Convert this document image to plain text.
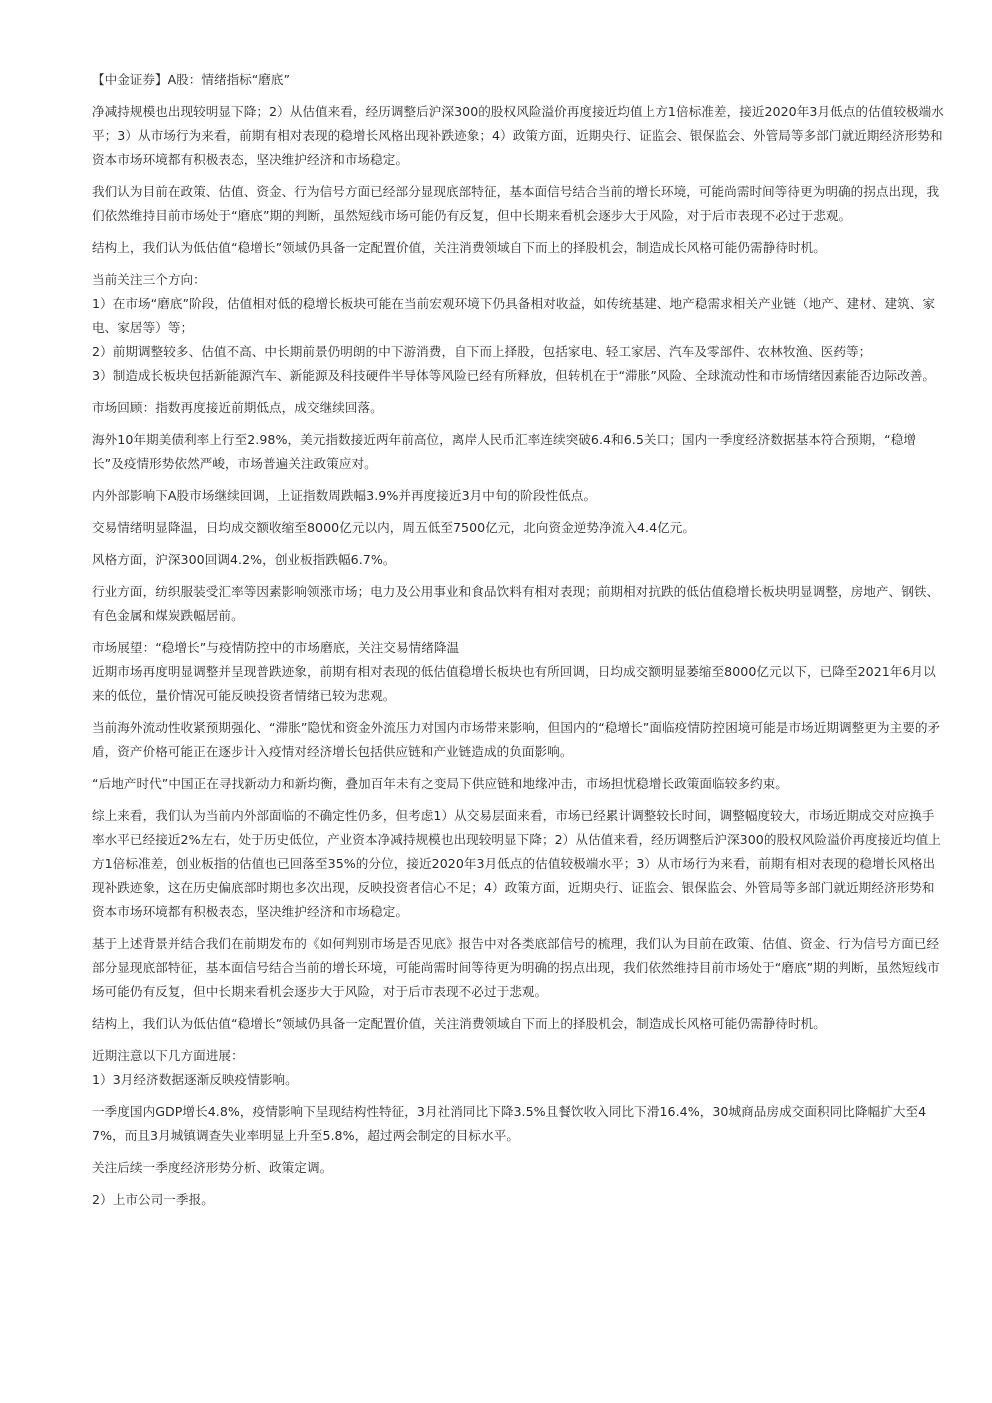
【中金证券】A股：情绪指标“磨底”

净减持规模也出现较明显下降；2）从估值来看，经历调整后沪深300的股权风险溢价再度接近均值上方1倍标准差，接近2020年3月低点的估值较极端水平；3）从市场行为来看，前期有相对表现的稳增长风格出现补跌迹象；4）政策方面，近期央行、证监会、银保监会、外管局等多部门就近期经济形势和资本市场环境都有积极表态，坚决维护经济和市场稳定。

我们认为目前在政策、估值、资金、行为信号方面已经部分显现底部特征，基本面信号结合当前的增长环境，可能尚需时间等待更为明确的拐点出现，我们依然维持目前市场处于“磨底”期的判断，虽然短线市场可能仍有反复，但中长期来看机会逐步大于风险，对于后市表现不必过于悲观。

结构上，我们认为低估值“稳增长”领域仍具备一定配置价值，关注消费领域自下而上的择股机会，制造成长风格可能仍需静待时机。

当前关注三个方向：

1）在市场“磨底”阶段，估值相对低的稳增长板块可能在当前宏观环境下仍具备相对收益，如传统基建、地产稳需求相关产业链（地产、建材、建筑、家电、家居等）等；

2）前期调整较多、估值不高、中长期前景仍明朗的中下游消费，自下而上择股，包括家电、轻工家居、汽车及零部件、农林牧渔、医药等；

3）制造成长板块包括新能源汽车、新能源及科技硬件半导体等风险已经有所释放，但转机在于“滞胀”风险、全球流动性和市场情绪因素能否边际改善。

市场回顾：指数再度接近前期低点，成交继续回落。

海外10年期美债利率上行至2.98%，美元指数接近两年前高位，离岸人民币汇率连续突破6.4和6.5关口；国内一季度经济数据基本符合预期，“稳增长”及疫情形势依然严峻，市场普遍关注政策应对。

内外部影响下A股市场继续回调，上证指数周跌幅3.9%并再度接近3月中旬的阶段性低点。

交易情绪明显降温，日均成交额收缩至8000亿元以内，周五低至7500亿元，北向资金逆势净流入4.4亿元。

风格方面，沪深300回调4.2%，创业板指跌幅6.7%。

行业方面，纺织服装受汇率等因素影响领涨市场；电力及公用事业和食品饮料有相对表现；前期相对抗跌的低估值稳增长板块明显调整，房地产、钢铁、有色金属和煤炭跌幅居前。

市场展望：“稳增长”与疫情防控中的市场磨底，关注交易情绪降温

近期市场再度明显调整并呈现普跌迹象，前期有相对表现的低估值稳增长板块也有所回调，日均成交额明显萎缩至8000亿元以下，已降至2021年6月以来的低位，量价情况可能反映投资者情绪已较为悲观。

当前海外流动性收紧预期强化、“滞胀”隐忧和资金外流压力对国内市场带来影响，但国内的“稳增长”面临疫情防控困境可能是市场近期调整更为主要的矛盾，资产价格可能正在逐步计入疫情对经济增长包括供应链和产业链造成的负面影响。

“后地产时代”中国正在寻找新动力和新均衡，叠加百年未有之变局下供应链和地缘冲击，市场担忧稳增长政策面临较多约束。

综上来看，我们认为当前内外部面临的不确定性仍多，但考虑1）从交易层面来看，市场已经累计调整较长时间，调整幅度较大，市场近期成交对应换手率水平已经接近2%左右，处于历史低位，产业资本净减持规模也出现较明显下降；2）从估值来看，经历调整后沪深300的股权风险溢价再度接近均值上方1倍标准差，创业板指的估值也已回落至35%的分位，接近2020年3月低点的估值较极端水平；3）从市场行为来看，前期有相对表现的稳增长风格出现补跌迹象，这在历史偏底部时期也多次出现，反映投资者信心不足；4）政策方面，近期央行、证监会、银保监会、外管局等多部门就近期经济形势和资本市场环境都有积极表态，坚决维护经济和市场稳定。

基于上述背景并结合我们在前期发布的《如何判别市场是否见底》报告中对各类底部信号的梳理，我们认为目前在政策、估值、资金、行为信号方面已经部分显现底部特征，基本面信号结合当前的增长环境，可能尚需时间等待更为明确的拐点出现，我们依然维持目前市场处于“磨底”期的判断，虽然短线市场可能仍有反复，但中长期来看机会逐步大于风险，对于后市表现不必过于悲观。

结构上，我们认为低估值“稳增长”领域仍具备一定配置价值，关注消费领域自下而上的择股机会，制造成长风格可能仍需静待时机。

近期注意以下几方面进展：

1）3月经济数据逐渐反映疫情影响。

一季度国内GDP增长4.8%，疫情影响下呈现结构性特征，3月社消同比下降3.5%且餐饮收入同比下滑16.4%，30城商品房成交面积同比降幅扩大至47%，而且3月城镇调查失业率明显上升至5.8%，超过两会制定的目标水平。

关注后续一季度经济形势分析、政策定调。

2）上市公司一季报。
